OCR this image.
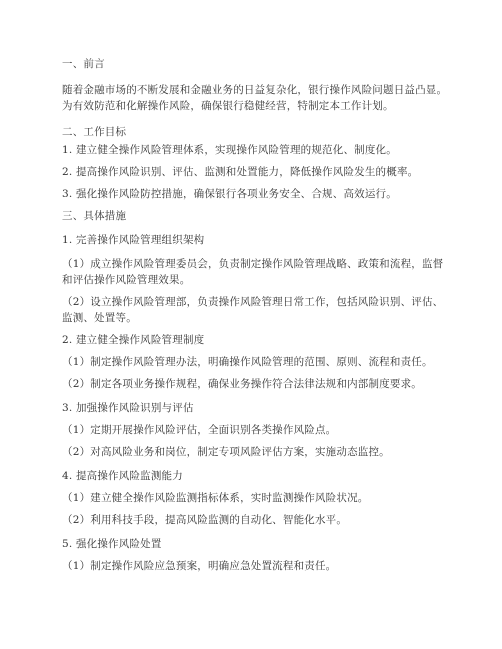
一、前言
随着金融市场的不断发展和金融业务的日益复杂化，银行操作风险问题日益凸显。
为有效防范和化解操作风险，确保银行稳健经营，特制定本工作计划。
二、工作目标
1. 建立健全操作风险管理体系，实现操作风险管理的规范化、制度化。
2. 提高操作风险识别、评估、监测和处置能力，降低操作风险发生的概率。
3. 强化操作风险防控措施，确保银行各项业务安全、合规、高效运行。
三、具体措施
1. 完善操作风险管理组织架构
（1）成立操作风险管理委员会，负责制定操作风险管理战略、政策和流程，监督
和评估操作风险管理效果。
（2）设立操作风险管理部，负责操作风险管理日常工作，包括风险识别、评估、
监测、处置等。
2. 建立健全操作风险管理制度
（1）制定操作风险管理办法，明确操作风险管理的范围、原则、流程和责任。
（2）制定各项业务操作规程，确保业务操作符合法律法规和内部制度要求。
3. 加强操作风险识别与评估
（1）定期开展操作风险评估，全面识别各类操作风险点。
（2）对高风险业务和岗位，制定专项风险评估方案，实施动态监控。
4. 提高操作风险监测能力
（1）建立健全操作风险监测指标体系，实时监测操作风险状况。
（2）利用科技手段，提高风险监测的自动化、智能化水平。
5. 强化操作风险处置
（1）制定操作风险应急预案，明确应急处置流程和责任。
